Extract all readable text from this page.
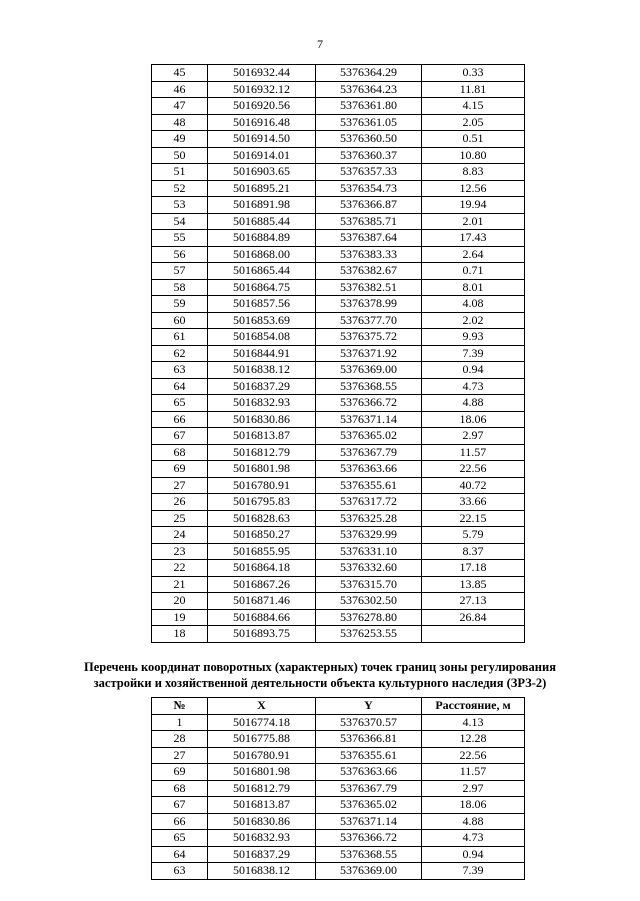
7
45	5016932.44	5376364.29	0.33
46	5016932.12	5376364.23	11.81
47	5016920.56	5376361.80	4.15
48	5016916.48	5376361.05	2.05
49	5016914.50	5376360.50	0.51
50	5016914.01	5376360.37	10.80
51	5016903.65	5376357.33	8.83
52	5016895.21	5376354.73	12.56
53	5016891.98	5376366.87	19.94
54	5016885.44	5376385.71	2.01
55	5016884.89	5376387.64	17.43
56	5016868.00	5376383.33	2.64
57	5016865.44	5376382.67	0.71
58	5016864.75	5376382.51	8.01
59	5016857.56	5376378.99	4.08
60	5016853.69	5376377.70	2.02
61	5016854.08	5376375.72	9.93
62	5016844.91	5376371.92	7.39
63	5016838.12	5376369.00	0.94
64	5016837.29	5376368.55	4.73
65	5016832.93	5376366.72	4.88
66	5016830.86	5376371.14	18.06
67	5016813.87	5376365.02	2.97
68	5016812.79	5376367.79	11.57
69	5016801.98	5376363.66	22.56
27	5016780.91	5376355.61	40.72
26	5016795.83	5376317.72	33.66
25	5016828.63	5376325.28	22.15
24	5016850.27	5376329.99	5.79
23	5016855.95	5376331.10	8.37
22	5016864.18	5376332.60	17.18
21	5016867.26	5376315.70	13.85
20	5016871.46	5376302.50	27.13
19	5016884.66	5376278.80	26.84
18	5016893.75	5376253.55	
Перечень координат поворотных (характерных) точек границ зоны регулирования
застройки и хозяйственной деятельности объекта культурного наследия (ЗРЗ-2)
№	X	Y	Расстояние, м
1	5016774.18	5376370.57	4.13
28	5016775.88	5376366.81	12.28
27	5016780.91	5376355.61	22.56
69	5016801.98	5376363.66	11.57
68	5016812.79	5376367.79	2.97
67	5016813.87	5376365.02	18.06
66	5016830.86	5376371.14	4.88
65	5016832.93	5376366.72	4.73
64	5016837.29	5376368.55	0.94
63	5016838.12	5376369.00	7.39
